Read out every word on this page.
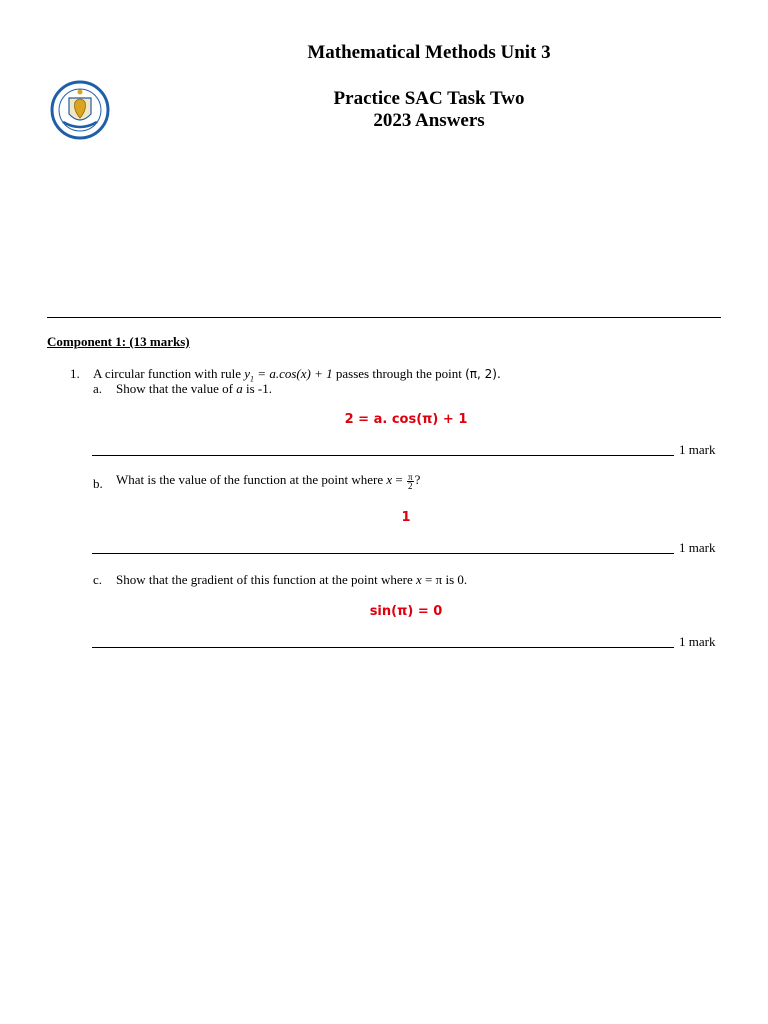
Mathematical Methods Unit 3
Practice SAC Task Two
2023 Answers
Component 1: (13 marks)
1. A circular function with rule $y_1 = a.\cos(x) + 1$ passes through the point (π, 2).
a. Show that the value of a is -1.
2 = a. cos(π) + 1
1 mark
b. What is the value of the function at the point where $x = \frac{\pi}{2}$ ?
1
1 mark
c. Show that the gradient of this function at the point where x = π is 0.
sin(π) = 0
1 mark
